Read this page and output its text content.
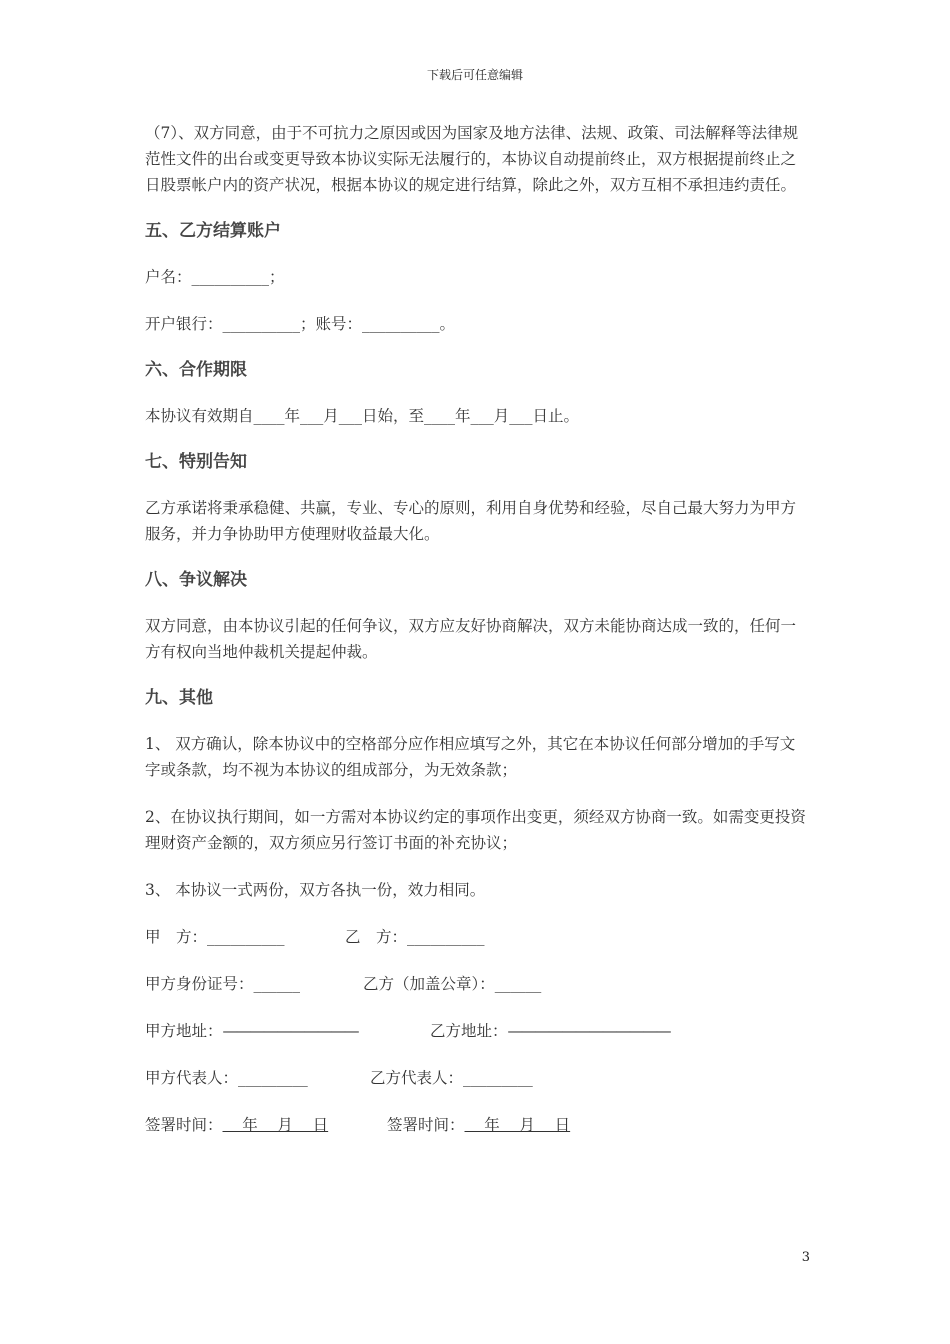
下载后可任意编辑

（7）、双方同意，由于不可抗力之原因或因为国家及地方法律、法规、政策、司法解释等法律规范性文件的出台或变更导致本协议实际无法履行的，本协议自动提前终止，双方根据提前终止之日股票帐户内的资产状况，根据本协议的规定进行结算，除此之外，双方互相不承担违约责任。

五、乙方结算账户

户名：__________；

开户银行：__________；账号：__________。

六、合作期限

本协议有效期自____年___月___日始，至____年___月___日止。

七、特别告知

乙方承诺将秉承稳健、共赢，专业、专心的原则，利用自身优势和经验，尽自己最大努力为甲方服务，并力争协助甲方使理财收益最大化。

八、争议解决

双方同意，由本协议引起的任何争议，双方应友好协商解决，双方未能协商达成一致的，任何一方有权向当地仲裁机关提起仲裁。

九、其他

1、 双方确认，除本协议中的空格部分应作相应填写之外，其它在本协议任何部分增加的手写文字或条款，均不视为本协议的组成部分，为无效条款；

2、在协议执行期间，如一方需对本协议约定的事项作出变更，须经双方协商一致。如需变更投资理财资产金额的，双方须应另行签订书面的补充协议；

3、 本协议一式两份，双方各执一份，效力相同。

甲　方：__________	乙　方：__________
甲方身份证号：______	乙方（加盖公章）：______
甲方地址：——————————	乙方地址：————————————
甲方代表人：_________	乙方代表人：_________
签署时间：    年    月    日	签署时间：    年    月    日
3
